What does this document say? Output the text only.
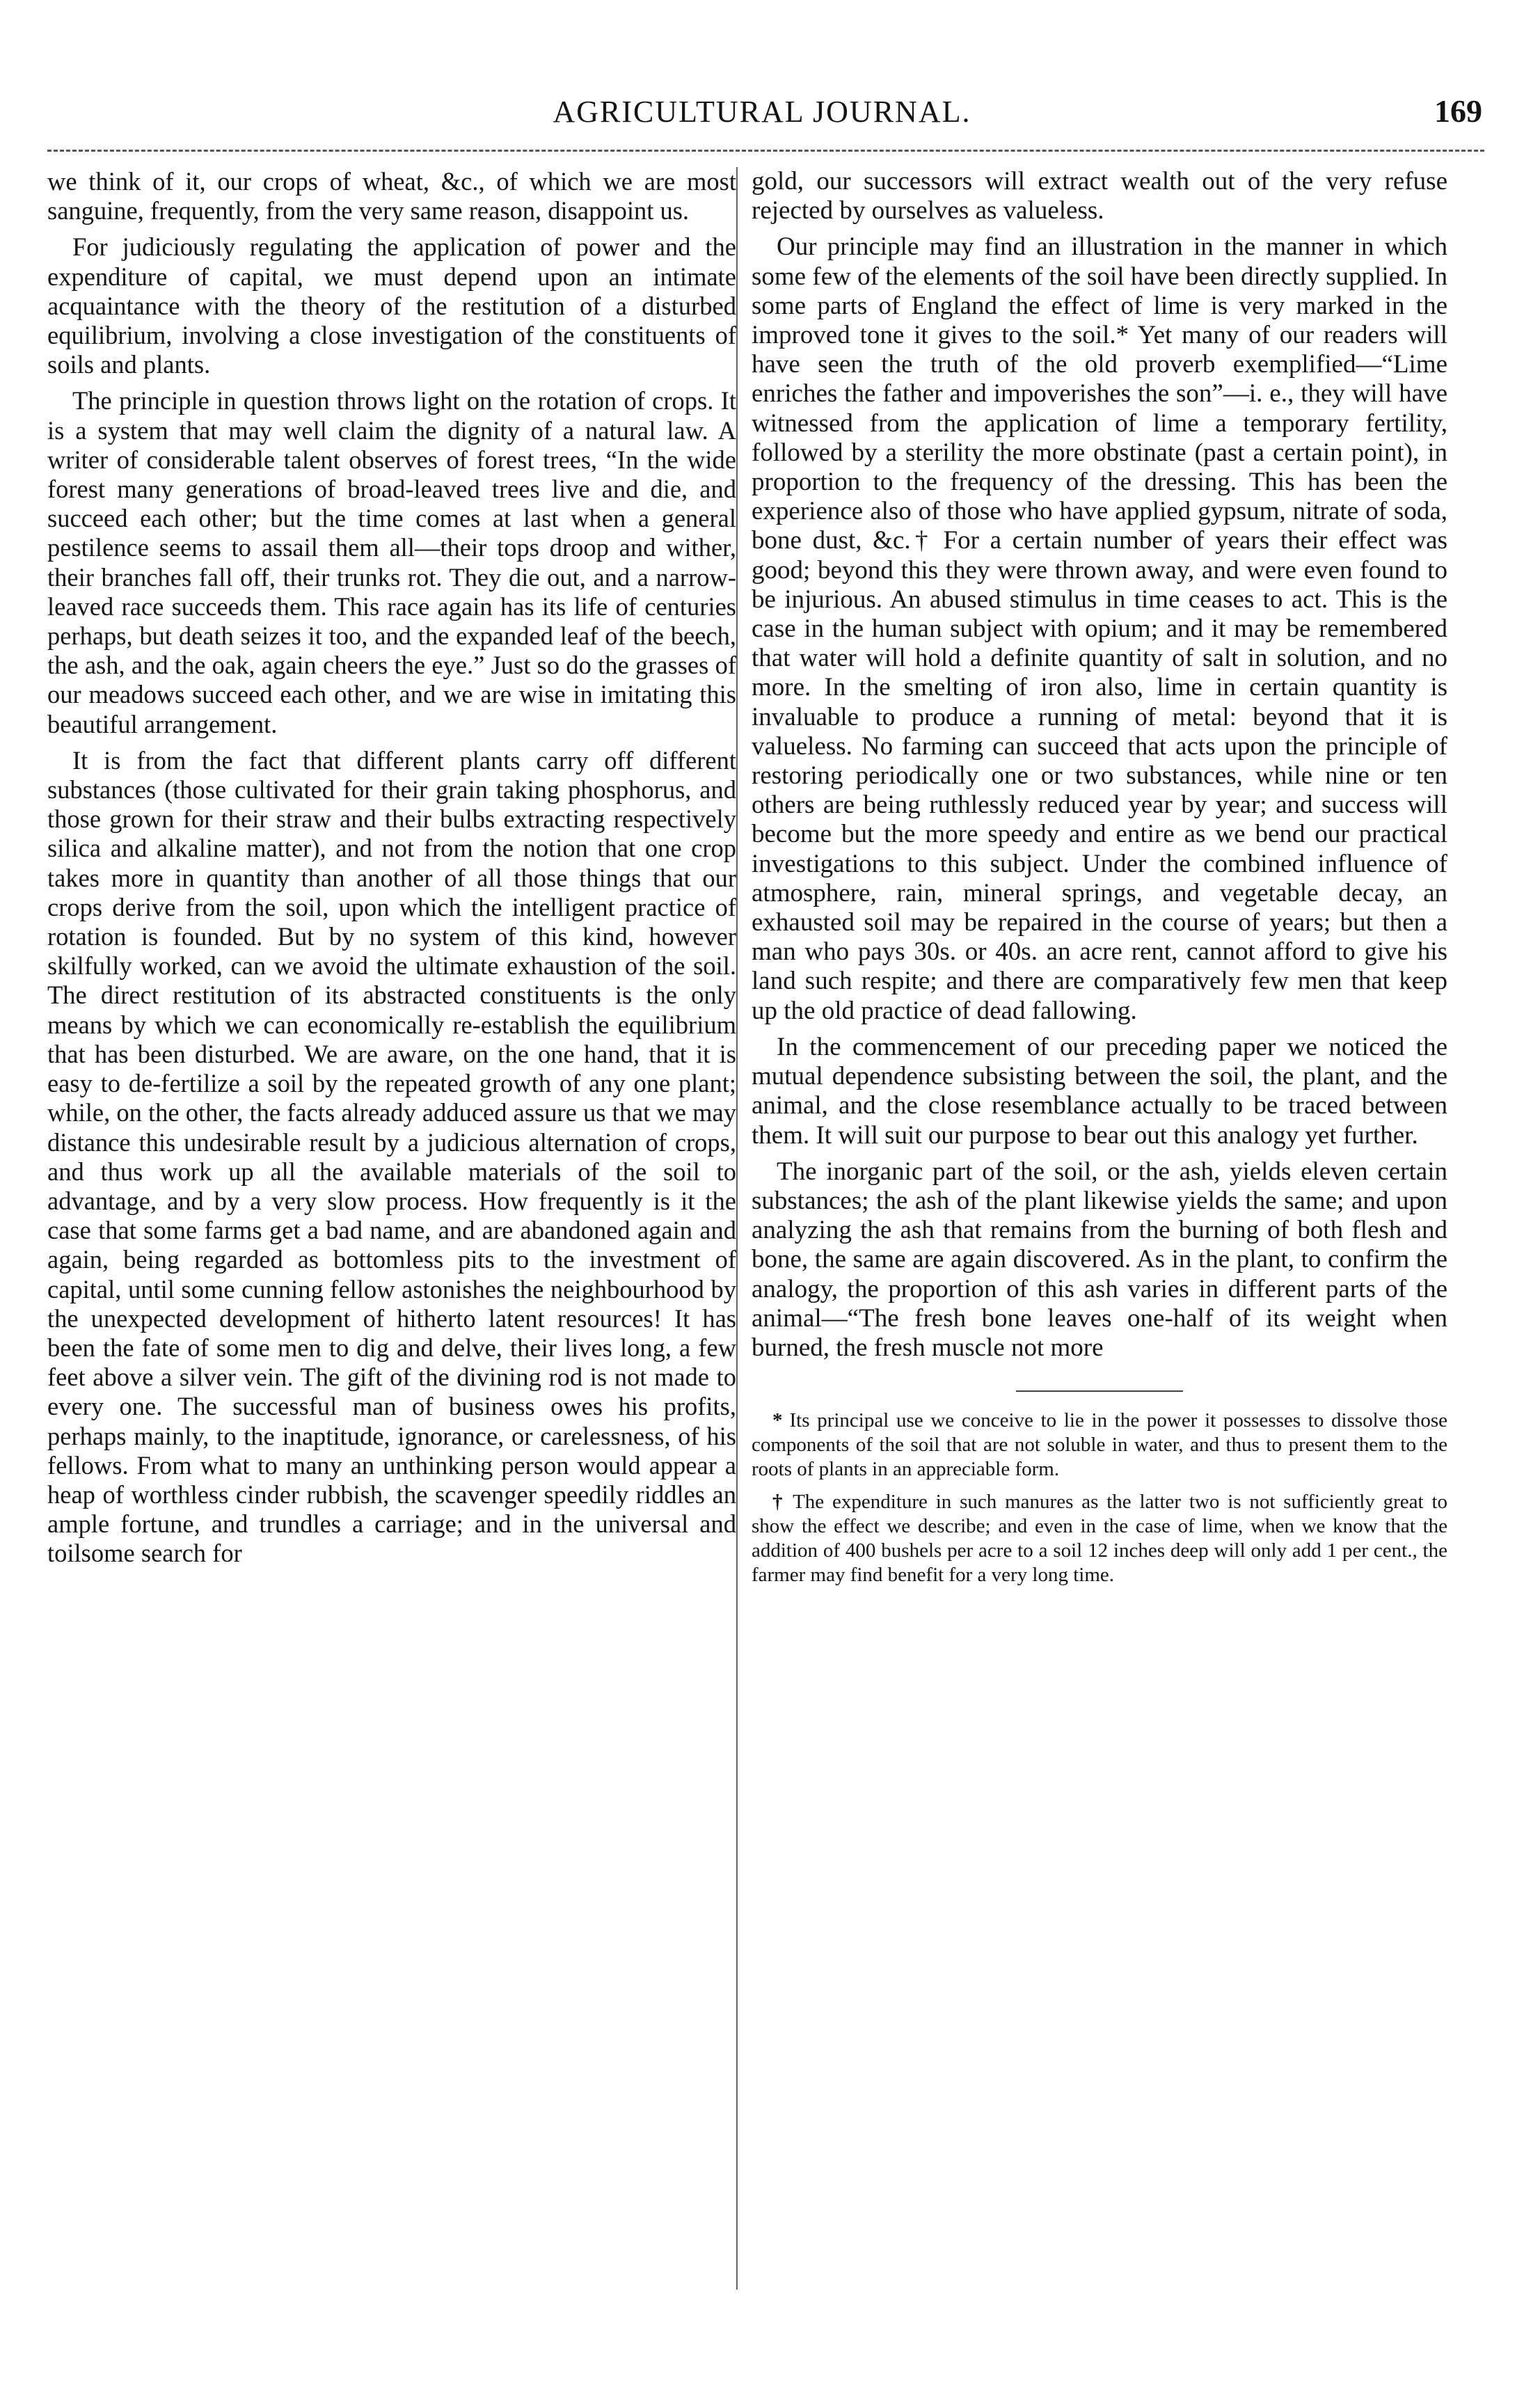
AGRICULTURAL JOURNAL.	169

we think of it, our crops of wheat, &c., of which we are most sanguine, frequently, from the very same reason, disappoint us.

For judiciously regulating the application of power and the expenditure of capital, we must depend upon an intimate acquaintance with the theory of the restitution of a disturbed equilibrium, involving a close investigation of the constituents of soils and plants.

The principle in question throws light on the rotation of crops. It is a system that may well claim the dignity of a natural law. A writer of considerable talent observes of forest trees, “In the wide forest many generations of broad-leaved trees live and die, and succeed each other; but the time comes at last when a general pestilence seems to assail them all—their tops droop and wither, their branches fall off, their trunks rot. They die out, and a narrow-leaved race succeeds them. This race again has its life of centuries perhaps, but death seizes it too, and the expanded leaf of the beech, the ash, and the oak, again cheers the eye.” Just so do the grasses of our meadows succeed each other, and we are wise in imitating this beautiful arrangement.

It is from the fact that different plants carry off different substances (those cultivated for their grain taking phosphorus, and those grown for their straw and their bulbs extracting respectively silica and alkaline matter), and not from the notion that one crop takes more in quantity than another of all those things that our crops derive from the soil, upon which the intelligent practice of rotation is founded. But by no system of this kind, however skilfully worked, can we avoid the ultimate exhaustion of the soil. The direct restitution of its abstracted constituents is the only means by which we can economically re-establish the equilibrium that has been disturbed. We are aware, on the one hand, that it is easy to de-fertilize a soil by the repeated growth of any one plant; while, on the other, the facts already adduced assure us that we may distance this undesirable result by a judicious alternation of crops, and thus work up all the available materials of the soil to advantage, and by a very slow process. How frequently is it the case that some farms get a bad name, and are abandoned again and again, being regarded as bottomless pits to the investment of capital, until some cunning fellow astonishes the neighbourhood by the unexpected development of hitherto latent resources! It has been the fate of some men to dig and delve, their lives long, a few feet above a silver vein. The gift of the divining rod is not made to every one. The successful man of business owes his profits, perhaps mainly, to the inaptitude, ignorance, or carelessness, of his fellows. From what to many an unthinking person would appear a heap of worthless cinder rubbish, the scavenger speedily riddles an ample fortune, and trundles a carriage; and in the universal and toilsome search for

gold, our successors will extract wealth out of the very refuse rejected by ourselves as valueless.

Our principle may find an illustration in the manner in which some few of the elements of the soil have been directly supplied. In some parts of England the effect of lime is very marked in the improved tone it gives to the soil.* Yet many of our readers will have seen the truth of the old proverb exemplified—“Lime enriches the father and impoverishes the son”—i. e., they will have witnessed from the application of lime a temporary fertility, followed by a sterility the more obstinate (past a certain point), in proportion to the frequency of the dressing. This has been the experience also of those who have applied gypsum, nitrate of soda, bone dust, &c.† For a certain number of years their effect was good; beyond this they were thrown away, and were even found to be injurious. An abused stimulus in time ceases to act. This is the case in the human subject with opium; and it may be remembered that water will hold a definite quantity of salt in solution, and no more. In the smelting of iron also, lime in certain quantity is invaluable to produce a running of metal: beyond that it is valueless. No farming can succeed that acts upon the principle of restoring periodically one or two substances, while nine or ten others are being ruthlessly reduced year by year; and success will become but the more speedy and entire as we bend our practical investigations to this subject. Under the combined influence of atmosphere, rain, mineral springs, and vegetable decay, an exhausted soil may be repaired in the course of years; but then a man who pays 30s. or 40s. an acre rent, cannot afford to give his land such respite; and there are comparatively few men that keep up the old practice of dead fallowing.

In the commencement of our preceding paper we noticed the mutual dependence subsisting between the soil, the plant, and the animal, and the close resemblance actually to be traced between them. It will suit our purpose to bear out this analogy yet further.

The inorganic part of the soil, or the ash, yields eleven certain substances; the ash of the plant likewise yields the same; and upon analyzing the ash that remains from the burning of both flesh and bone, the same are again discovered. As in the plant, to confirm the analogy, the proportion of this ash varies in different parts of the animal—“The fresh bone leaves one-half of its weight when burned, the fresh muscle not more

* Its principal use we conceive to lie in the power it possesses to dissolve those components of the soil that are not soluble in water, and thus to present them to the roots of plants in an appreciable form.

† The expenditure in such manures as the latter two is not sufficiently great to show the effect we describe; and even in the case of lime, when we know that the addition of 400 bushels per acre to a soil 12 inches deep will only add 1 per cent., the farmer may find benefit for a very long time.
